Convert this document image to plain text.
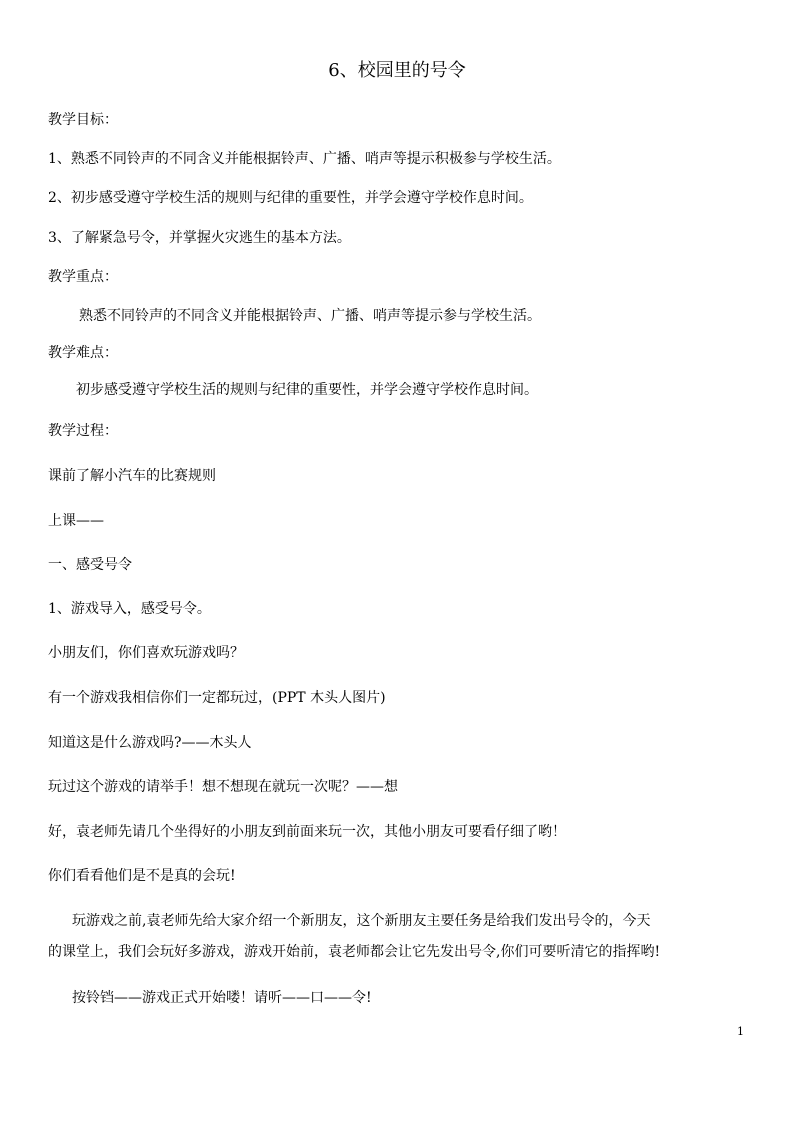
6、校园里的号令
教学目标：
1、熟悉不同铃声的不同含义并能根据铃声、广播、哨声等提示积极参与学校生活。
2、初步感受遵守学校生活的规则与纪律的重要性，并学会遵守学校作息时间。
3、了解紧急号令，并掌握火灾逃生的基本方法。
教学重点：
熟悉不同铃声的不同含义并能根据铃声、广播、哨声等提示参与学校生活。
教学难点：
初步感受遵守学校生活的规则与纪律的重要性，并学会遵守学校作息时间。
教学过程：
课前了解小汽车的比赛规则
上课——
一、感受号令
1、游戏导入，感受号令。
小朋友们，你们喜欢玩游戏吗？
有一个游戏我相信你们一定都玩过，(PPT 木头人图片)
知道这是什么游戏吗?——木头人
玩过这个游戏的请举手！想不想现在就玩一次呢？——想
好，袁老师先请几个坐得好的小朋友到前面来玩一次，其他小朋友可要看仔细了哟！
你们看看他们是不是真的会玩!
玩游戏之前,袁老师先给大家介绍一个新朋友，这个新朋友主要任务是给我们发出号令的，今天
的课堂上，我们会玩好多游戏，游戏开始前，袁老师都会让它先发出号令,你们可要听清它的指挥哟!
按铃铛——游戏正式开始喽！请听——口——令!
1
